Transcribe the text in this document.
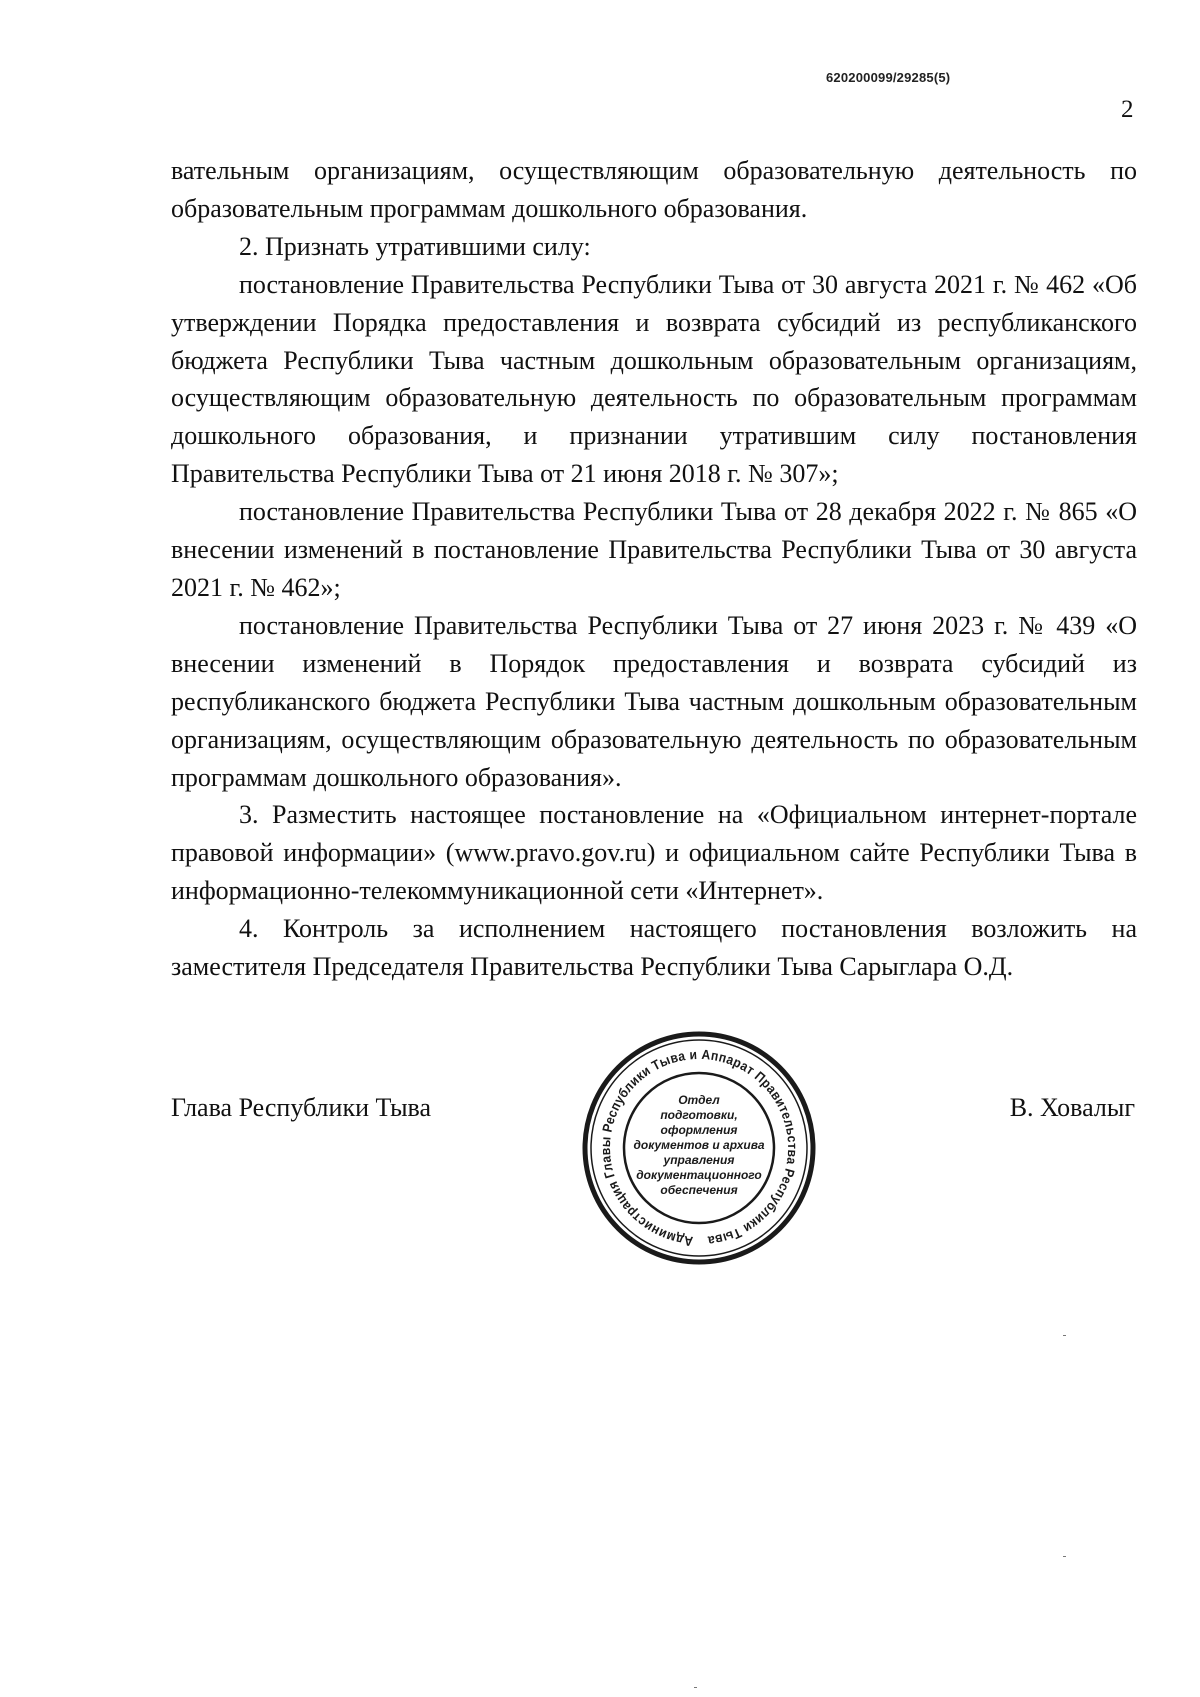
620200099/29285(5)
2

вательным организациям, осуществляющим образовательную деятельность по образовательным программам дошкольного образования.

2. Признать утратившими силу:

постановление Правительства Республики Тыва от 30 августа 2021 г. № 462 «Об утверждении Порядка предоставления и возврата субсидий из республиканского бюджета Республики Тыва частным дошкольным образовательным организациям, осуществляющим образовательную деятельность по образовательным программам дошкольного образования, и признании утратившим силу постановления Правительства Республики Тыва от 21 июня 2018 г. № 307»;

постановление Правительства Республики Тыва от 28 декабря 2022 г. № 865 «О внесении изменений в постановление Правительства Республики Тыва от 30 августа 2021 г. № 462»;

постановление Правительства Республики Тыва от 27 июня 2023 г. № 439 «О внесении изменений в Порядок предоставления и возврата субсидий из республиканского бюджета Республики Тыва частным дошкольным образовательным организациям, осуществляющим образовательную деятельность по образовательным программам дошкольного образования».

3. Разместить настоящее постановление на «Официальном интернет-портале правовой информации» (www.pravo.gov.ru) и официальном сайте Республики Тыва в информационно-телекоммуникационной сети «Интернет».

4. Контроль за исполнением настоящего постановления возложить на заместителя Председателя Правительства Республики Тыва Сарыглара О.Д.

Глава Республики Тыва	В. Ховалыг
Администрация Главы Республики Тыва и Аппарат Правительства Республики Тыва
Отдел
подготовки,
оформления
документов и архива
управления
документационного
обеспечения
